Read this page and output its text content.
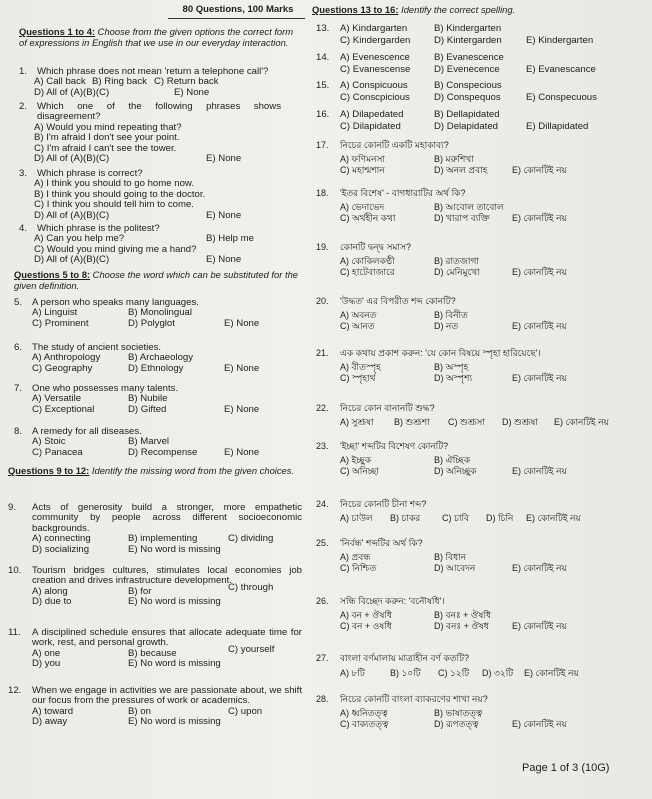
80 Questions, 100 Marks
Questions 1 to 4: Choose from the given options the correct form of expressions in English that we use in our everyday interaction.
1.	Which phrase does not mean 'return a telephone call'?
A) Call back B) Ring back C) Return back
D) All of (A)(B)(C)	E) None
2.	Which one of the following phrases shows disagreement?
A) Would you mind repeating that?
B) I'm afraid I don't see your point.
C) I'm afraid I can't see the tower.
D) All of (A)(B)(C)	E) None
3.	Which phrase is correct?
A) I think you should to go home now.
B) I think you should going to the doctor.
C) I think you should tell him to come.
D) All of (A)(B)(C)	E) None
4.	Which phrase is the politest?
A) Can you help me?	B) Help me
C) Would you mind giving me a hand?
D) All of (A)(B)(C)	E) None
Questions 5 to 8: Choose the word which can be substituted for the given definition.
5.	A person who speaks many languages.
A) Linguist	B) Monolingual
C) Prominent	D) Polyglot	E) None
6.	The study of ancient societies.
A) Anthropology	B) Archaeology
C) Geography	D) Ethnology	E) None
7.	One who possesses many talents.
A) Versatile	B) Nubile
C) Exceptional	D) Gifted	E) None
8.	A remedy for all diseases.
A) Stoic	B) Marvel
C) Panacea	D) Recompense	E) None
Questions 9 to 12: Identify the missing word from the given choices.
9.	Acts of generosity build a stronger, more empathetic community by people across different socioeconomic backgrounds.
A) connecting	B) implementing	C) dividing
D) socializing	E) No word is missing
10.	Tourism bridges cultures, stimulates local economies job creation and drives infrastructure development.
A) along	B) for	C) through
D) due to	E) No word is missing
11.	A disciplined schedule ensures that allocate adequate time for work, rest, and personal growth.
A) one	B) because	C) yourself
D) you	E) No word is missing
12.	When we engage in activities we are passionate about, we shift our focus from the pressures of work or academics.
A) toward	B) on	C) upon
D) away	E) No word is missing
Questions 13 to 16: Identify the correct spelling.
13. A) Kindargarten	B) Kindergarten
C) Kindergarden D) Kintergarden	E) Kindergarten
14. A) Evenescence	B) Evanescence
C) Evanescense D) Evenecence	E) Evanescance
15. A) Conspicuous	B) Conspecious
C) Conscpicious	D) Conspequos	E) Conspecuous
16. A) Dilapedated	B) Dellapidated
C) Dilapidated	D) Delapidated	E) Dillapidated
17. নিচের কোনটি একটি মহাকাব্য?
A) ফণিমনসা	B) মরুশিখা
C) মহাশ্মশান	D) অনল প্রবাহ	E) কোনটিই নয়
18. 'ইতর বিশেষ' - বাগধারাটির অর্থ কি?
A) ভেদাভেদ	B) আবোল তাবোল
C) অর্থহীন কথা	D) খারাপ ব্যক্তি E) কোনটিই নয়
19. কোনটি দ্বন্দ্ব সমাস?
A) কোকিলকণ্ঠী	B) রাতজাগা
C) হাটেবাজারে	D) মেনিমুখো	E) কোনটিই নয়
20. 'উদ্ধত' এর বিপরীত শব্দ কোনটি?
A) অবনত	B) বিনীত
C) আনত	D) নত	E) কোনটিই নয়
21. এক কথায় প্রকাশ করুন: 'যে কোন বিষয়ে স্পৃহা হারিয়েছে'।
A) বীতস্পৃহ	B) অস্পৃহ
C) স্পৃহার্থ	D) অস্পৃশ্য	E) কোনটিই নয়
22. নিচের কোন বানানটি শুদ্ধ?
A) সুশ্রূষা B) শুশ্রূশা C) শুশ্রূসা D) শুশ্রূষা E) কোনটিই নয়
23. 'ইচ্ছা' শব্দটির বিশেষণ কোনটি?
A) ইচ্ছুক	B) ঐচ্ছিক
C) অনিচ্ছা	D) অনিচ্ছুক	E) কোনটিই নয়
24. নিচের কোনটি চীনা শব্দ?
A) চাউল B) চাকর C) চাবি D) চিনি E) কোনটিই নয়
25. 'নির্বন্ধ' শব্দটির অর্থ কি?
A) প্রবন্ধ	B) বিধান
C) নিশ্চিত	D) আবেদন	E) কোনটিই নয়
26. সন্ধি বিচ্ছেদ করুন: 'বনৌষধি'।
A) বন + ঔষধি	B) বনঃ + ঔষধি
C) বন + ওষধি	D) বনঃ + ঔষধ	E) কোনটিই নয়
27. বাংলা বর্ণমালায় মাত্রাহীন বর্ণ কতটি?
A) ৮টি	B) ১০টি C) ১২টি D) ৩২টি E) কোনটিই নয়
28. নিচের কোনটি বাংলা ব্যাকরণের শাখা নয়?
A) ধ্বনিতত্ত্ব	B) ভাষাতত্ত্ব
C) বাক্যতত্ত্ব	D) রূপতত্ত্ব	E) কোনটিই নয়
Page 1 of 3 (10G)
